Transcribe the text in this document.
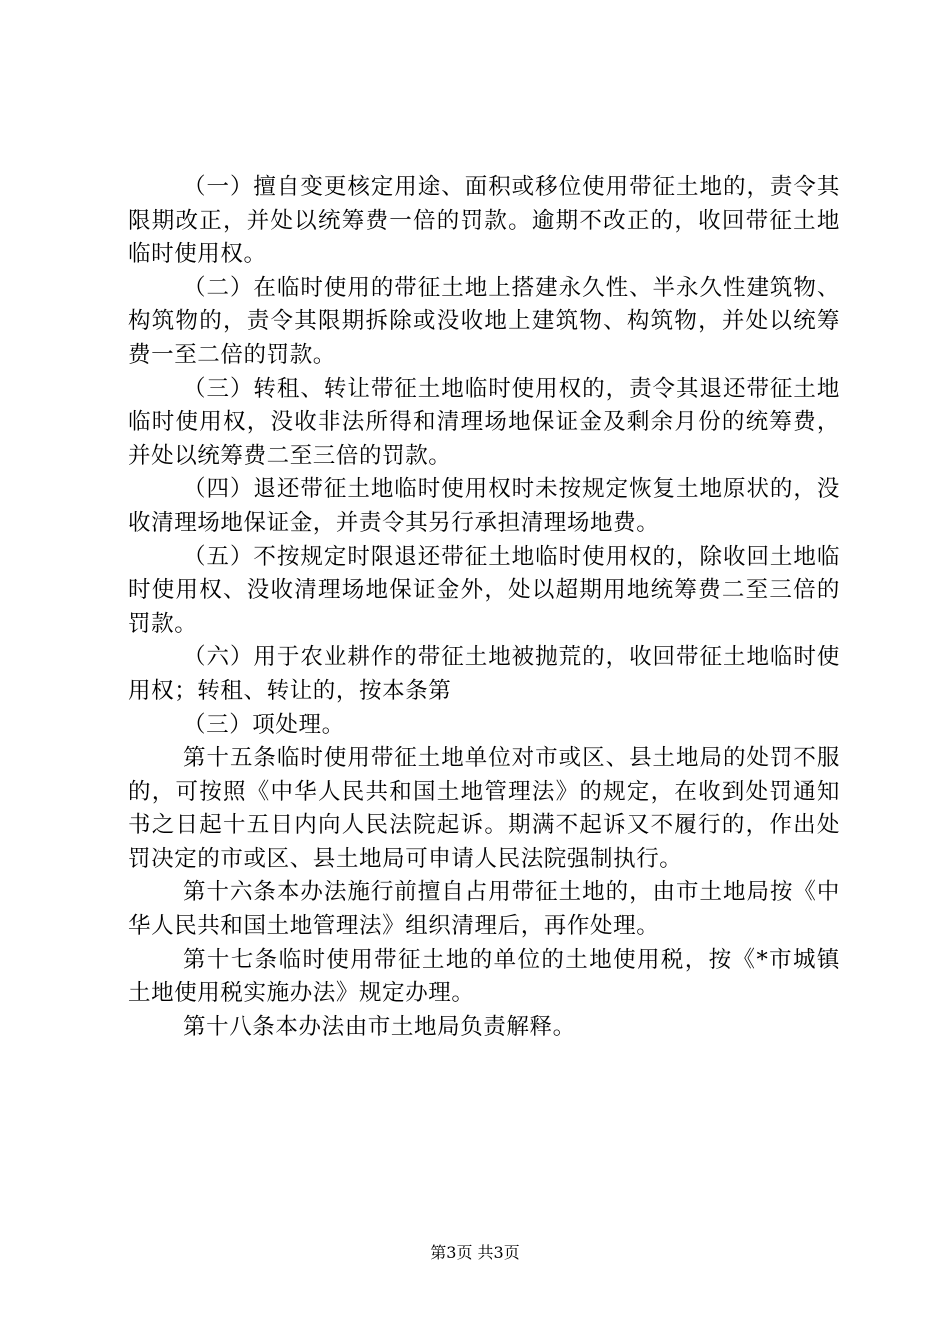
（一）擅自变更核定用途、面积或移位使用带征土地的，责令其限期改正，并处以统筹费一倍的罚款。逾期不改正的，收回带征土地临时使用权。

（二）在临时使用的带征土地上搭建永久性、半永久性建筑物、构筑物的，责令其限期拆除或没收地上建筑物、构筑物，并处以统筹费一至二倍的罚款。

（三）转租、转让带征土地临时使用权的，责令其退还带征土地临时使用权，没收非法所得和清理场地保证金及剩余月份的统筹费，并处以统筹费二至三倍的罚款。

（四）退还带征土地临时使用权时未按规定恢复土地原状的，没收清理场地保证金，并责令其另行承担清理场地费。

（五）不按规定时限退还带征土地临时使用权的，除收回土地临时使用权、没收清理场地保证金外，处以超期用地统筹费二至三倍的罚款。

（六）用于农业耕作的带征土地被抛荒的，收回带征土地临时使用权；转租、转让的，按本条第

（三）项处理。

第十五条临时使用带征土地单位对市或区、县土地局的处罚不服的，可按照《中华人民共和国土地管理法》的规定，在收到处罚通知书之日起十五日内向人民法院起诉。期满不起诉又不履行的，作出处罚决定的市或区、县土地局可申请人民法院强制执行。

第十六条本办法施行前擅自占用带征土地的，由市土地局按《中华人民共和国土地管理法》组织清理后，再作处理。

第十七条临时使用带征土地的单位的土地使用税，按《*市城镇土地使用税实施办法》规定办理。

第十八条本办法由市土地局负责解释。

第3页 共3页
